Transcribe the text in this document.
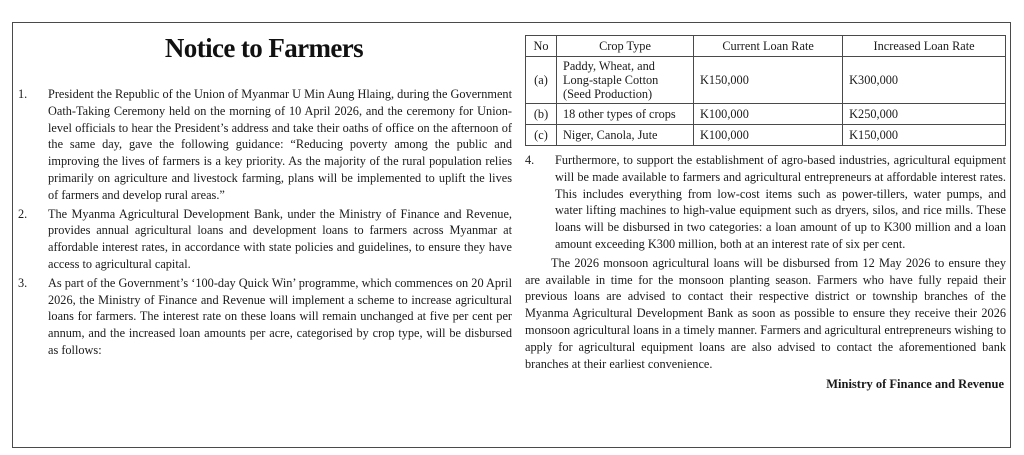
Notice to Farmers
1. President the Republic of the Union of Myanmar U Min Aung Hlaing, during the Government Oath-Taking Ceremony held on the morning of 10 April 2026, and the ceremony for Union-level officials to hear the President’s address and take their oaths of office on the afternoon of the same day, gave the following guidance: “Reducing poverty among the public and improving the lives of farmers is a key priority. As the majority of the rural population relies primarily on agriculture and livestock farming, plans will be implemented to uplift the lives of farmers and develop rural areas.”
2. The Myanma Agricultural Development Bank, under the Ministry of Finance and Revenue, provides annual agricultural loans and development loans to farmers across Myanmar at affordable interest rates, in accordance with state policies and guidelines, to ensure they have access to agricultural capital.
3. As part of the Government’s ‘100-day Quick Win’ programme, which commences on 20 April 2026, the Ministry of Finance and Revenue will implement a scheme to increase agricultural loans for farmers. The interest rate on these loans will remain unchanged at five per cent per annum, and the increased loan amounts per acre, categorised by crop type, will be disbursed as follows:
No	Crop Type	Current Loan Rate	Increased Loan Rate
(a)	Paddy, Wheat, and Long-staple Cotton (Seed Production)	K150,000	K300,000
(b)	18 other types of crops	K100,000	K250,000
(c)	Niger, Canola, Jute	K100,000	K150,000
4. Furthermore, to support the establishment of agro-based industries, agricultural equipment will be made available to farmers and agricultural entrepreneurs at affordable interest rates. This includes everything from low-cost items such as power-tillers, water pumps, and water lifting machines to high-value equipment such as dryers, silos, and rice mills. These loans will be disbursed in two categories: a loan amount of up to K300 million and a loan amount exceeding K300 million, both at an interest rate of six per cent.

The 2026 monsoon agricultural loans will be disbursed from 12 May 2026 to ensure they are available in time for the monsoon planting season. Farmers who have fully repaid their previous loans are advised to contact their respective district or township branches of the Myanma Agricultural Development Bank as soon as possible to ensure they receive their 2026 monsoon agricultural loans in a timely manner. Farmers and agricultural entrepreneurs wishing to apply for agricultural equipment loans are also advised to contact the aforementioned bank branches at their earliest convenience.

Ministry of Finance and Revenue
